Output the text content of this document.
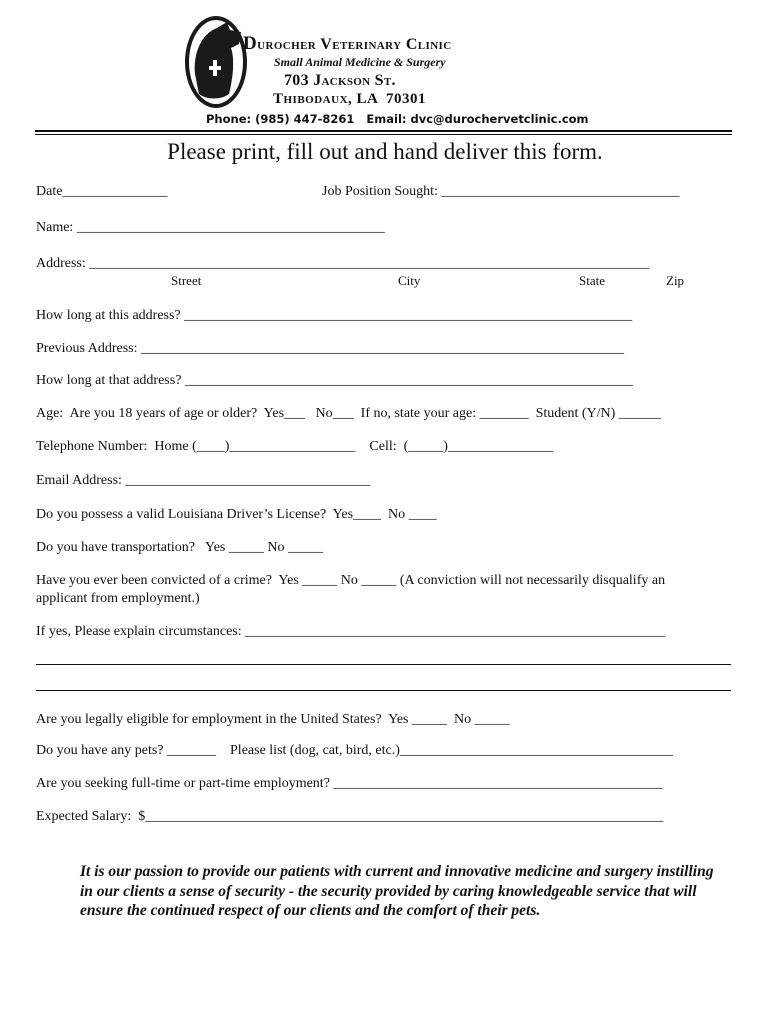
Durocher Veterinary Clinic
Small Animal Medicine & Surgery
703 Jackson St.
Thibodaux, LA  70301
Phone: (985) 447-8261   Email: dvc@durochervetclinic.com
Please print, fill out and hand deliver this form.
Date_______________	Job Position Sought: __________________________________
Name: ____________________________________________
Address: ________________________________________________________________________________
Street	City	State	Zip
How long at this address? ________________________________________________________________
Previous Address: _____________________________________________________________________
How long at that address? ________________________________________________________________
Age:  Are you 18 years of age or older?  Yes___   No___  If no, state your age: _______  Student (Y/N) ______
Telephone Number:  Home (____)__________________    Cell:  (_____)_______________
Email Address: ___________________________________
Do you possess a valid Louisiana Driver’s License?  Yes____  No ____
Do you have transportation?   Yes _____ No _____
Have you ever been convicted of a crime?  Yes _____ No _____ (A conviction will not necessarily disqualify an
applicant from employment.)
If yes, Please explain circumstances: ____________________________________________________________
Are you legally eligible for employment in the United States?  Yes _____  No _____
Do you have any pets? _______    Please list (dog, cat, bird, etc.)_______________________________________
Are you seeking full-time or part-time employment? _______________________________________________
Expected Salary:  $__________________________________________________________________________
It is our passion to provide our patients with current and innovative medicine and surgery instilling in our clients a sense of security - the security provided by caring knowledgeable service that will ensure the continued respect of our clients and the comfort of their pets.
